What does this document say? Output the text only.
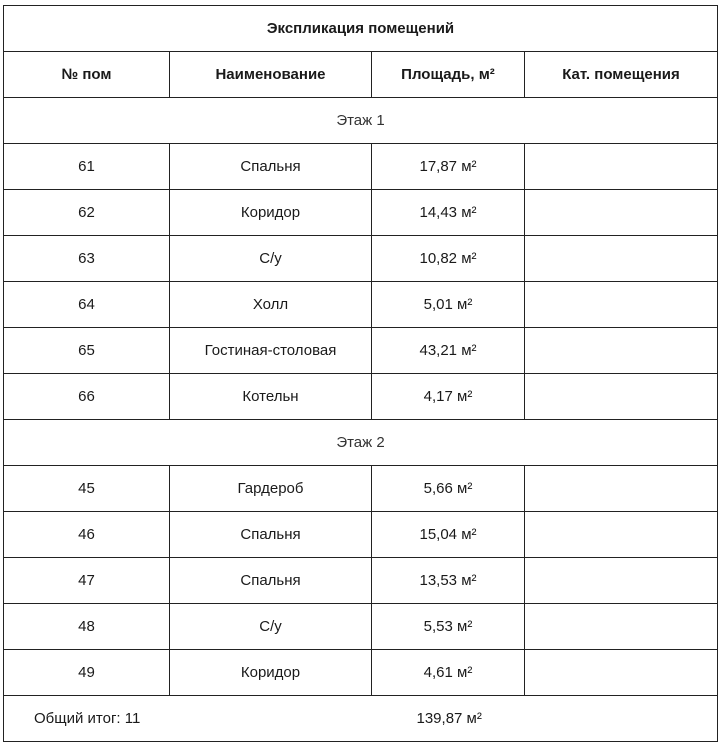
Экспликация помещений			
№ пом	Наименование	Площадь, м²	Кат. помещения
Этаж 1			
61	Спальня	17,87 м²	
62	Коридор	14,43 м²	
63	С/у	10,82 м²	
64	Холл	5,01 м²	
65	Гостиная-столовая	43,21 м²	
66	Котельн	4,17 м²	
Этаж 2			
45	Гардероб	5,66 м²	
46	Спальня	15,04 м²	
47	Спальня	13,53 м²	
48	С/у	5,53 м²	
49	Коридор	4,61 м²	
Общий итог: 11		139,87 м²	
